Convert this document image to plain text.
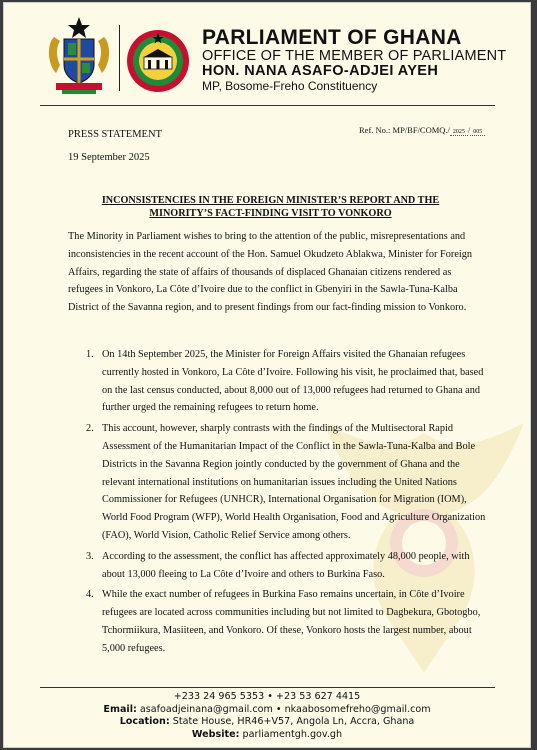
PARLIAMENT OF GHANA
OFFICE OF THE MEMBER OF PARLIAMENT
HON. NANA ASAFO-ADJEI AYEH
MP, Bosome-Freho Constituency
Ref. No.: MP/BF/COMQ./ 2025 / 005
PRESS STATEMENT
19 September 2025
INCONSISTENCIES IN THE FOREIGN MINISTER’S REPORT AND THE
MINORITY’S FACT-FINDING VISIT TO VONKORO
The Minority in Parliament wishes to bring to the attention of the public, misrepresentations and inconsistencies in the recent account of the Hon. Samuel Okudzeto Ablakwa, Minister for Foreign Affairs, regarding the state of affairs of thousands of displaced Ghanaian citizens rendered as refugees in Vonkoro, La Côte d’Ivoire due to the conflict in Gbenyiri in the Sawla-Tuna-Kalba District of the Savanna region, and to present findings from our fact-finding mission to Vonkoro.
1. On 14th September 2025, the Minister for Foreign Affairs visited the Ghanaian refugees currently hosted in Vonkoro, La Côte d’Ivoire. Following his visit, he proclaimed that, based on the last census conducted, about 8,000 out of 13,000 refugees had returned to Ghana and further urged the remaining refugees to return home.
2. This account, however, sharply contrasts with the findings of the Multisectoral Rapid Assessment of the Humanitarian Impact of the Conflict in the Sawla-Tuna-Kalba and Bole Districts in the Savanna Region jointly conducted by the government of Ghana and the relevant international institutions on humanitarian issues including the United Nations Commissioner for Refugees (UNHCR), International Organisation for Migration (IOM), World Food Program (WFP), World Health Organisation, Food and Agriculture Organization (FAO), World Vision, Catholic Relief Service among others.
3. According to the assessment, the conflict has affected approximately 48,000 people, with about 13,000 fleeing to La Côte d’Ivoire and others to Burkina Faso.
4. While the exact number of refugees in Burkina Faso remains uncertain, in Côte d’Ivoire refugees are located across communities including but not limited to Dagbekura, Gbotogbo, Tchormiikura, Masiiteen, and Vonkoro. Of these, Vonkoro hosts the largest number, about 5,000 refugees.
+233 24 965 5353 • +23 53 627 4415
Email: asafoadjeinana@gmail.com • nkaabosomefreho@gmail.com
Location: State House, HR46+V57, Angola Ln, Accra, Ghana
Website: parliamentgh.gov.gh
